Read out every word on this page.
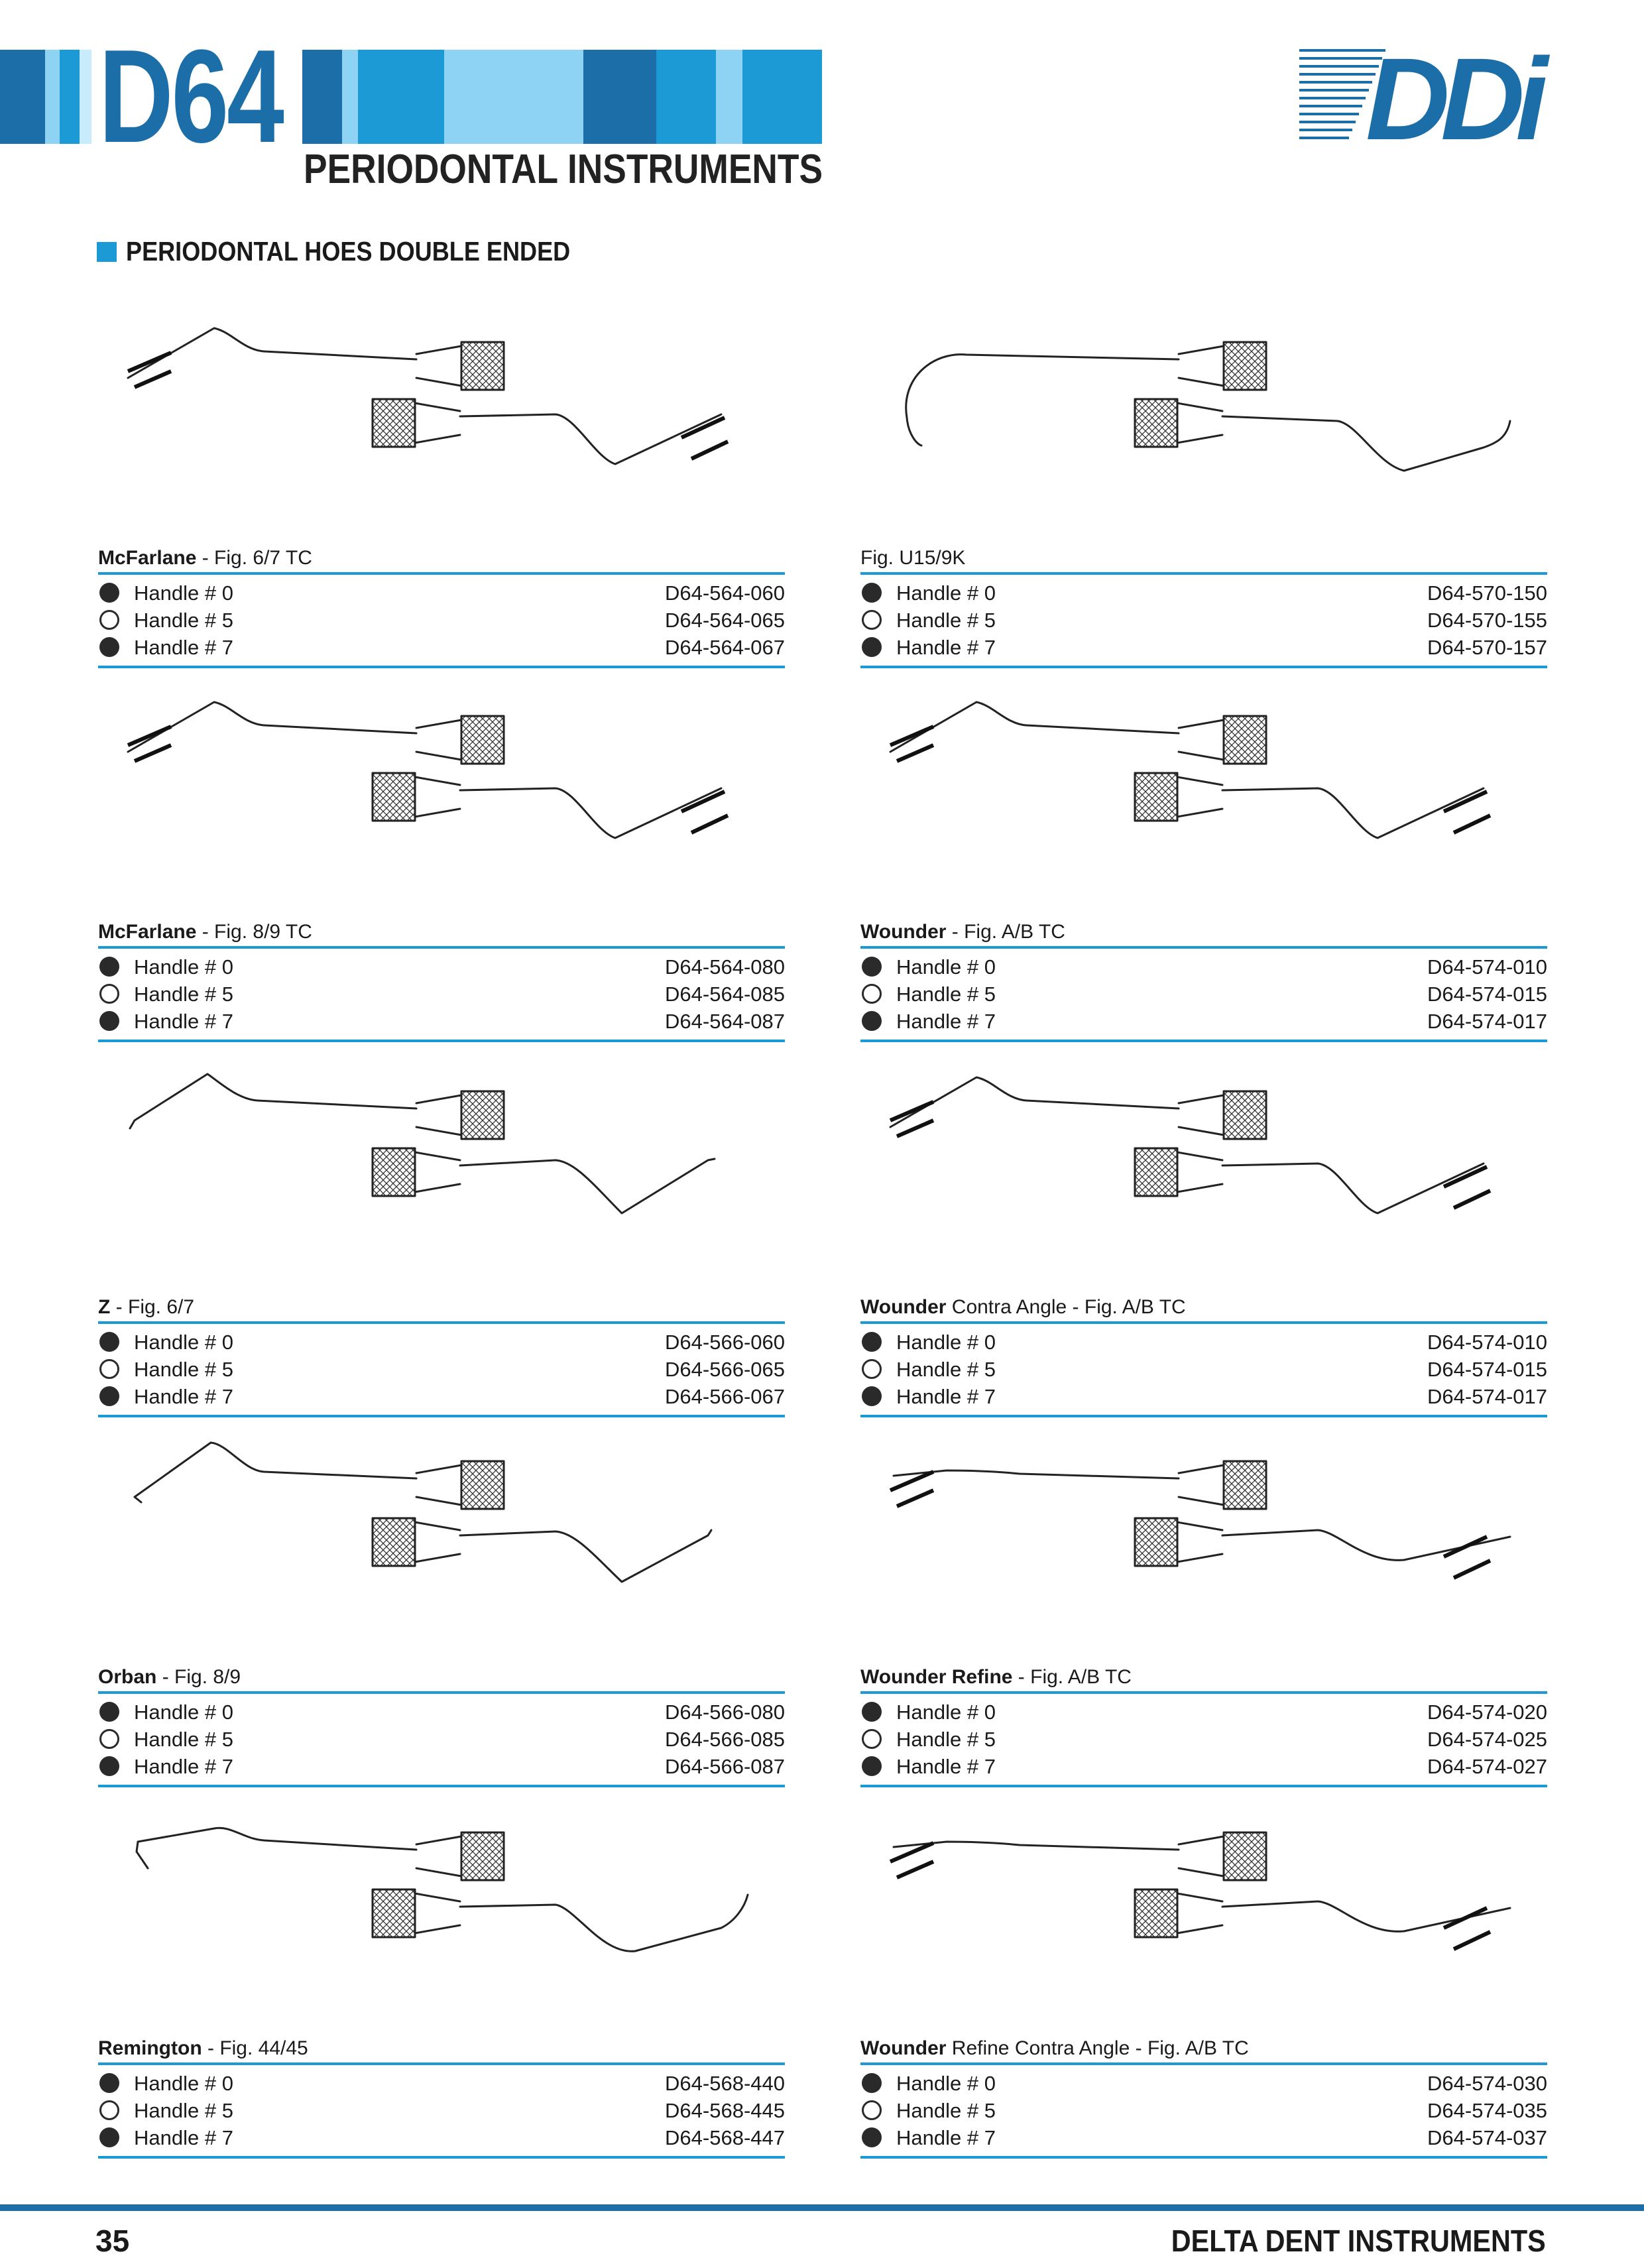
D64 PERIODONTAL INSTRUMENTS
DDi
PERIODONTAL HOES DOUBLE ENDED
McFarlane - Fig. 6/7 TC
Handle # 0	D64-564-060
Handle # 5	D64-564-065
Handle # 7	D64-564-067
Fig. U15/9K
Handle # 0	D64-570-150
Handle # 5	D64-570-155
Handle # 7	D64-570-157
McFarlane - Fig. 8/9 TC
Handle # 0	D64-564-080
Handle # 5	D64-564-085
Handle # 7	D64-564-087
Wounder - Fig. A/B TC
Handle # 0	D64-574-010
Handle # 5	D64-574-015
Handle # 7	D64-574-017
Z - Fig. 6/7
Handle # 0	D64-566-060
Handle # 5	D64-566-065
Handle # 7	D64-566-067
Wounder Contra Angle - Fig. A/B TC
Handle # 0	D64-574-010
Handle # 5	D64-574-015
Handle # 7	D64-574-017
Orban - Fig. 8/9
Handle # 0	D64-566-080
Handle # 5	D64-566-085
Handle # 7	D64-566-087
Wounder Refine - Fig. A/B TC
Handle # 0	D64-574-020
Handle # 5	D64-574-025
Handle # 7	D64-574-027
Remington - Fig. 44/45
Handle # 0	D64-568-440
Handle # 5	D64-568-445
Handle # 7	D64-568-447
Wounder Refine Contra Angle - Fig. A/B TC
Handle # 0	D64-574-030
Handle # 5	D64-574-035
Handle # 7	D64-574-037
35	DELTA DENT INSTRUMENTS
